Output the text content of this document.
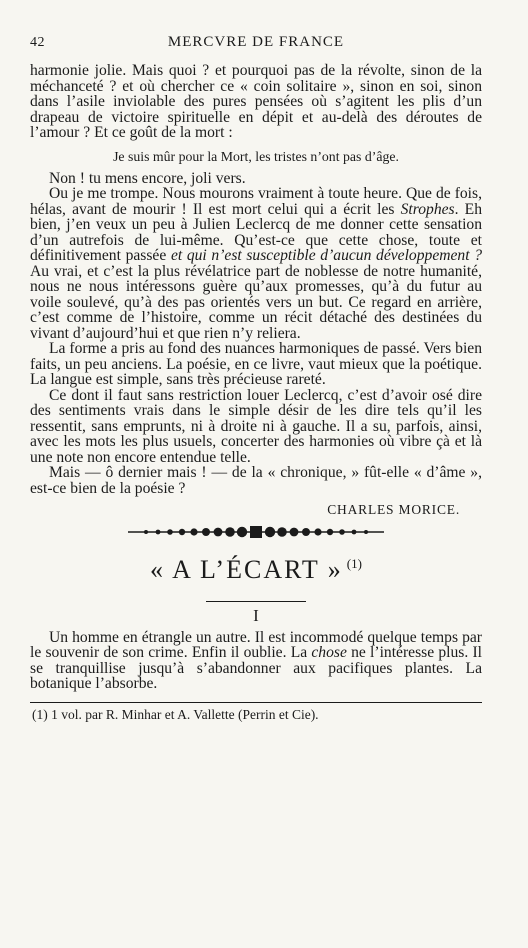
42	MERCVRE DE FRANCE

harmonie jolie. Mais quoi ? et pourquoi pas de la révolte, sinon de la méchanceté ? et où chercher ce « coin solitaire », sinon en soi, sinon dans l’asile inviolable des pures pensées où s’agitent les plis d’un drapeau de victoire spirituelle en dépit et au-delà des déroutes de l’amour ? Et ce goût de la mort :

Je suis mûr pour la Mort, les tristes n’ont pas d’âge.

Non ! tu mens encore, joli vers.

Ou je me trompe. Nous mourons vraiment à toute heure. Que de fois, hélas, avant de mourir ! Il est mort celui qui a écrit les Strophes. Eh bien, j’en veux un peu à Julien Leclercq de me donner cette sensation d’un autrefois de lui-même. Qu’est-ce que cette chose, toute et définitivement passée et qui n’est susceptible d’aucun développement ? Au vrai, et c’est la plus révélatrice part de noblesse de notre humanité, nous ne nous intéressons guère qu’aux promesses, qu’à du futur au voile soulevé, qu’à des pas orientés vers un but. Ce regard en arrière, c’est comme de l’histoire, comme un récit détaché des destinées du vivant d’aujourd’hui et que rien n’y reliera.

La forme a pris au fond des nuances harmoniques de passé. Vers bien faits, un peu anciens. La poésie, en ce livre, vaut mieux que la poétique. La langue est simple, sans très précieuse rareté.

Ce dont il faut sans restriction louer Leclercq, c’est d’avoir osé dire des sentiments vrais dans le simple désir de les dire tels qu’il les ressentit, sans emprunts, ni à droite ni à gauche. Il a su, parfois, ainsi, avec les mots les plus usuels, concerter des harmonies où vibre çà et là une note non encore entendue telle.

Mais — ô dernier mais ! — de la « chronique, » fût-elle « d’âme », est-ce bien de la poésie ?

CHARLES MORICE.
« A L’ÉCART » $^{(1)}$
I

Un homme en étrangle un autre. Il est incommodé quelque temps par le souvenir de son crime. Enfin il oublie. La chose ne l’intéresse plus. Il se tranquillise jusqu’à s’abandonner aux pacifiques plantes. La botanique l’absorbe.

(1) 1 vol. par R. Minhar et A. Vallette (Perrin et Cie).
